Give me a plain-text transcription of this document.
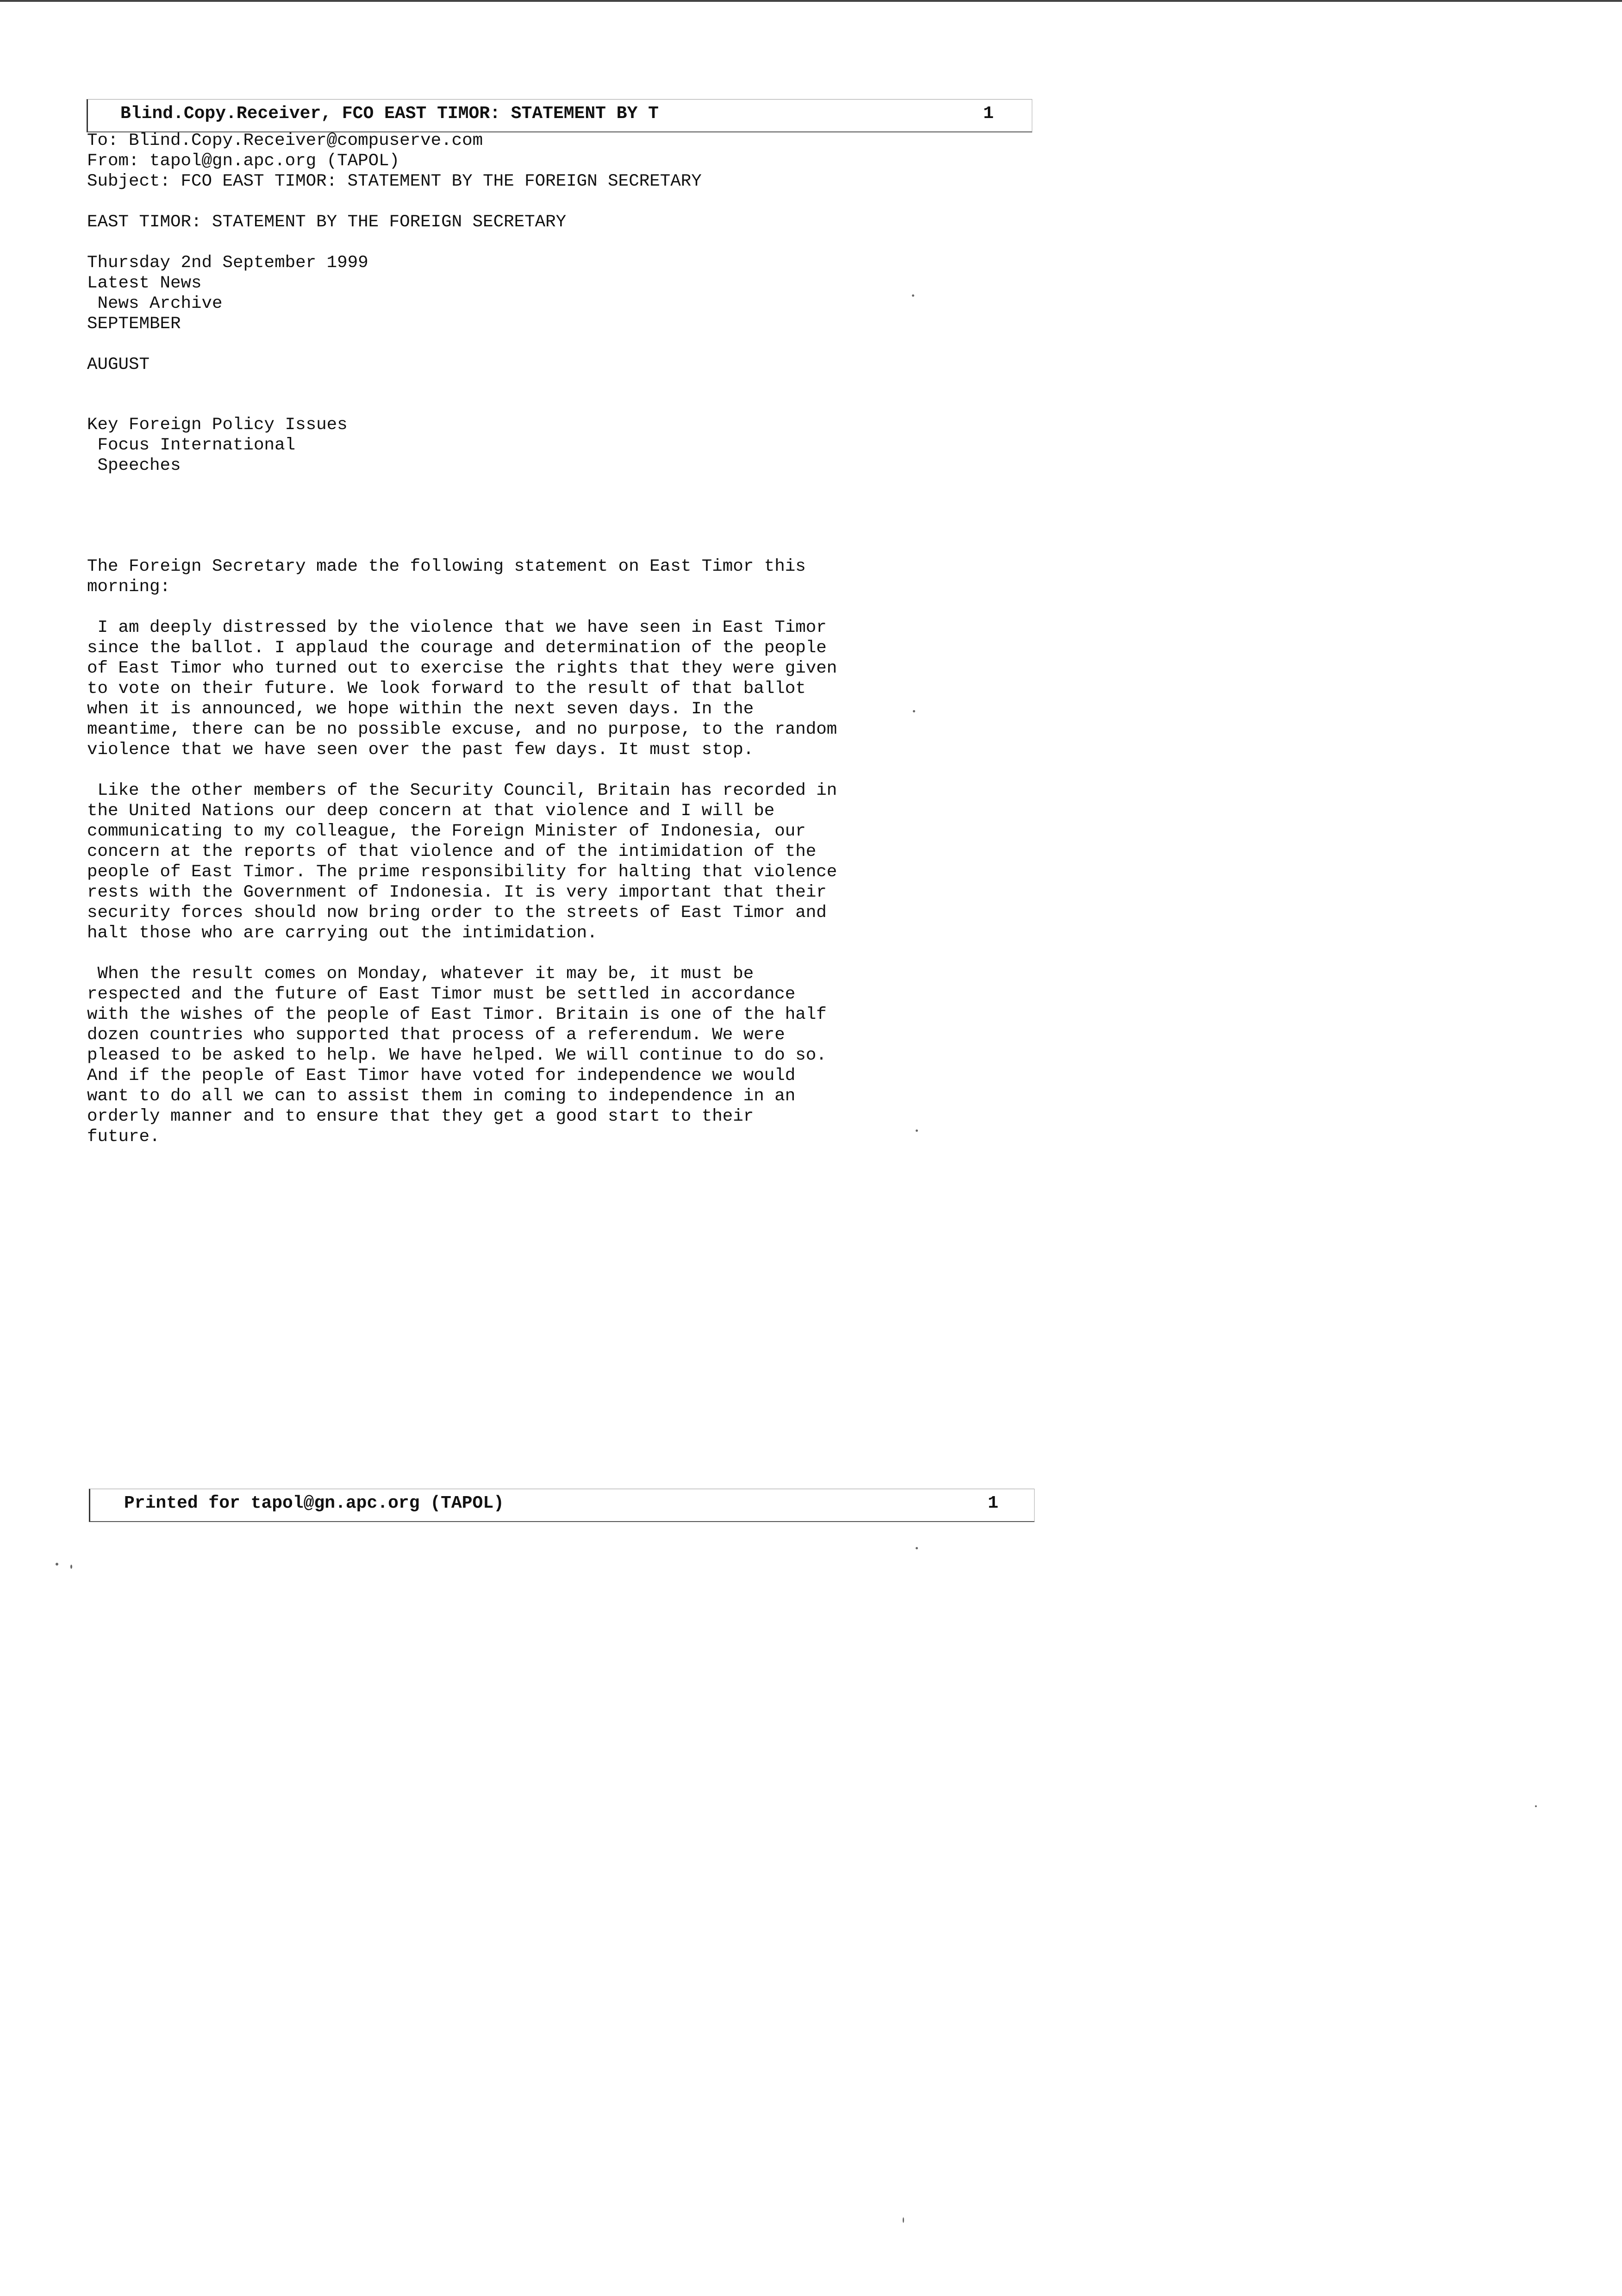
Blind.Copy.Receiver, FCO EAST TIMOR: STATEMENT BY T	1
To: Blind.Copy.Receiver@compuserve.com
From: tapol@gn.apc.org (TAPOL)
Subject: FCO EAST TIMOR: STATEMENT BY THE FOREIGN SECRETARY
EAST TIMOR: STATEMENT BY THE FOREIGN SECRETARY
Thursday 2nd September 1999
Latest News
News Archive
SEPTEMBER
AUGUST
Key Foreign Policy Issues
Focus International
Speeches
The Foreign Secretary made the following statement on East Timor this
morning:
I am deeply distressed by the violence that we have seen in East Timor
since the ballot. I applaud the courage and determination of the people
of East Timor who turned out to exercise the rights that they were given
to vote on their future. We look forward to the result of that ballot
when it is announced, we hope within the next seven days. In the
meantime, there can be no possible excuse, and no purpose, to the random
violence that we have seen over the past few days. It must stop.
Like the other members of the Security Council, Britain has recorded in
the United Nations our deep concern at that violence and I will be
communicating to my colleague, the Foreign Minister of Indonesia, our
concern at the reports of that violence and of the intimidation of the
people of East Timor. The prime responsibility for halting that violence
rests with the Government of Indonesia. It is very important that their
security forces should now bring order to the streets of East Timor and
halt those who are carrying out the intimidation.
When the result comes on Monday, whatever it may be, it must be
respected and the future of East Timor must be settled in accordance
with the wishes of the people of East Timor. Britain is one of the half
dozen countries who supported that process of a referendum. We were
pleased to be asked to help. We have helped. We will continue to do so.
And if the people of East Timor have voted for independence we would
want to do all we can to assist them in coming to independence in an
orderly manner and to ensure that they get a good start to their
future.
Printed for tapol@gn.apc.org (TAPOL)	1
